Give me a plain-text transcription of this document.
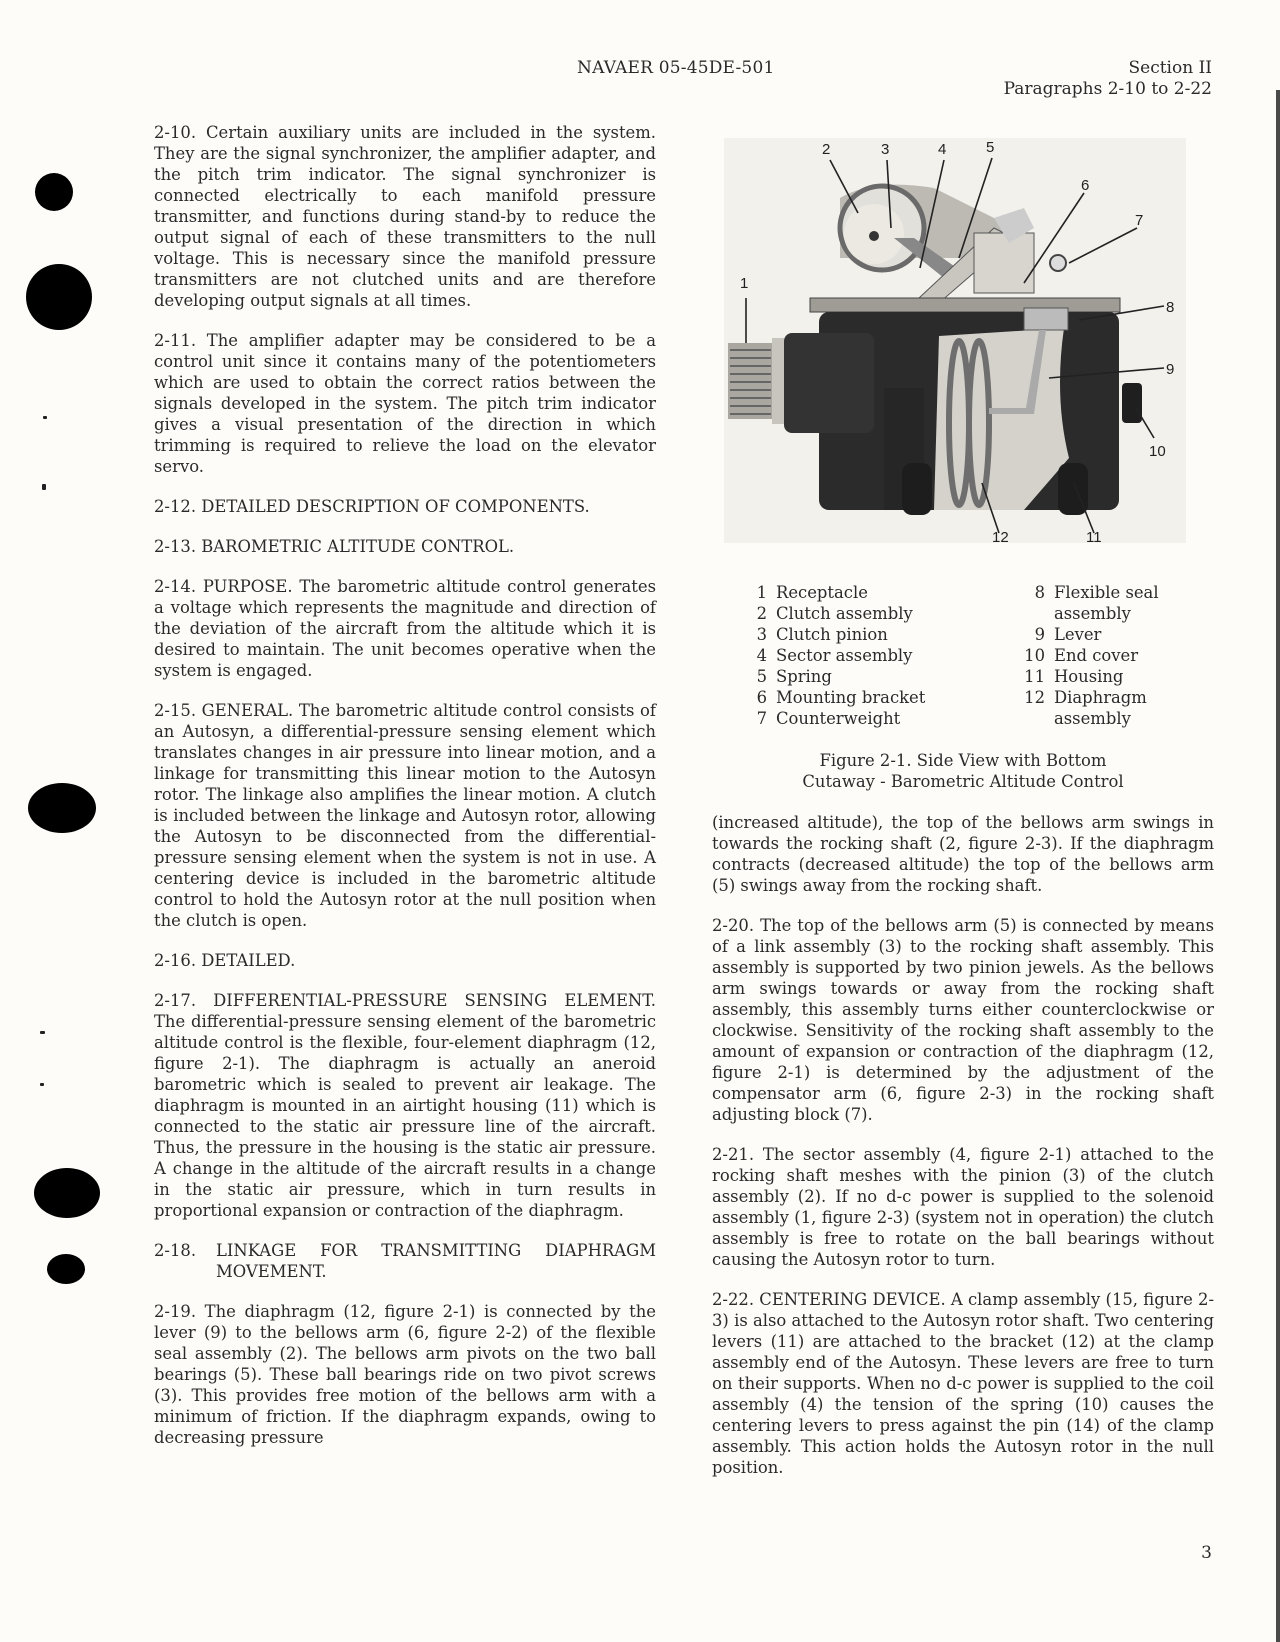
NAVAER 05-45DE-501	Section II
Paragraphs 2-10 to 2-22

2-10. Certain auxiliary units are included in the system. They are the signal synchronizer, the amplifier adapter, and the pitch trim indicator. The signal synchronizer is connected electrically to each manifold pressure transmitter, and functions during stand-by to reduce the output signal of each of these transmitters to the null voltage. This is necessary since the manifold pressure transmitters are not clutched units and are therefore developing output signals at all times.

2-11. The amplifier adapter may be considered to be a control unit since it contains many of the potentiometers which are used to obtain the correct ratios between the signals developed in the system. The pitch trim indicator gives a visual presentation of the direction in which trimming is required to relieve the load on the elevator servo.

2-12. DETAILED DESCRIPTION OF COMPONENTS.
2-13. BAROMETRIC ALTITUDE CONTROL.

2-14. PURPOSE. The barometric altitude control generates a voltage which represents the magnitude and direction of the deviation of the aircraft from the altitude which it is desired to maintain. The unit becomes operative when the system is engaged.

2-15. GENERAL. The barometric altitude control consists of an Autosyn, a differential-pressure sensing element which translates changes in air pressure into linear motion, and a linkage for transmitting this linear motion to the Autosyn rotor. The linkage also amplifies the linear motion. A clutch is included between the linkage and Autosyn rotor, allowing the Autosyn to be disconnected from the differential-pressure sensing element when the system is not in use. A centering device is included in the barometric altitude control to hold the Autosyn rotor at the null position when the clutch is open.

2-16. DETAILED.

2-17. DIFFERENTIAL-PRESSURE SENSING ELEMENT. The differential-pressure sensing element of the barometric altitude control is the flexible, four-element diaphragm (12, figure 2-1). The diaphragm is actually an aneroid barometric which is sealed to prevent air leakage. The diaphragm is mounted in an airtight housing (11) which is connected to the static air pressure line of the aircraft. Thus, the pressure in the housing is the static air pressure. A change in the altitude of the aircraft results in a change in the static air pressure, which in turn results in proportional expansion or contraction of the diaphragm.

2-18.	LINKAGE FOR TRANSMITTING DIAPHRAGM MOVEMENT.

2-19. The diaphragm (12, figure 2-1) is connected by the lever (9) to the bellows arm (6, figure 2-2) of the flexible seal assembly (2). The bellows arm pivots on the two ball bearings (5). These ball bearings ride on two pivot screws (3). This provides free motion of the bellows arm with a minimum of friction. If the diaphragm expands, owing to decreasing pressure

2	3	4	5
6
7
8
9
10
11
12
1
1 Receptacle
2 Clutch assembly
3 Clutch pinion
4 Sector assembly
5 Spring
6 Mounting bracket
7 Counterweight
8 Flexible seal
assembly
9 Lever
10 End cover
11 Housing
12 Diaphragm
assembly
Figure 2-1. Side View with Bottom
Cutaway - Barometric Altitude Control

(increased altitude), the top of the bellows arm swings in towards the rocking shaft (2, figure 2-3). If the diaphragm contracts (decreased altitude) the top of the bellows arm (5) swings away from the rocking shaft.

2-20. The top of the bellows arm (5) is connected by means of a link assembly (3) to the rocking shaft assembly. This assembly is supported by two pinion jewels. As the bellows arm swings towards or away from the rocking shaft assembly, this assembly turns either counterclockwise or clockwise. Sensitivity of the rocking shaft assembly to the amount of expansion or contraction of the diaphragm (12, figure 2-1) is determined by the adjustment of the compensator arm (6, figure 2-3) in the rocking shaft adjusting block (7).

2-21. The sector assembly (4, figure 2-1) attached to the rocking shaft meshes with the pinion (3) of the clutch assembly (2). If no d-c power is supplied to the solenoid assembly (1, figure 2-3) (system not in operation) the clutch assembly is free to rotate on the ball bearings without causing the Autosyn rotor to turn.

2-22. CENTERING DEVICE. A clamp assembly (15, figure 2-3) is also attached to the Autosyn rotor shaft. Two centering levers (11) are attached to the bracket (12) at the clamp assembly end of the Autosyn. These levers are free to turn on their supports. When no d-c power is supplied to the coil assembly (4) the tension of the spring (10) causes the centering levers to press against the pin (14) of the clamp assembly. This action holds the Autosyn rotor in the null position.

3
